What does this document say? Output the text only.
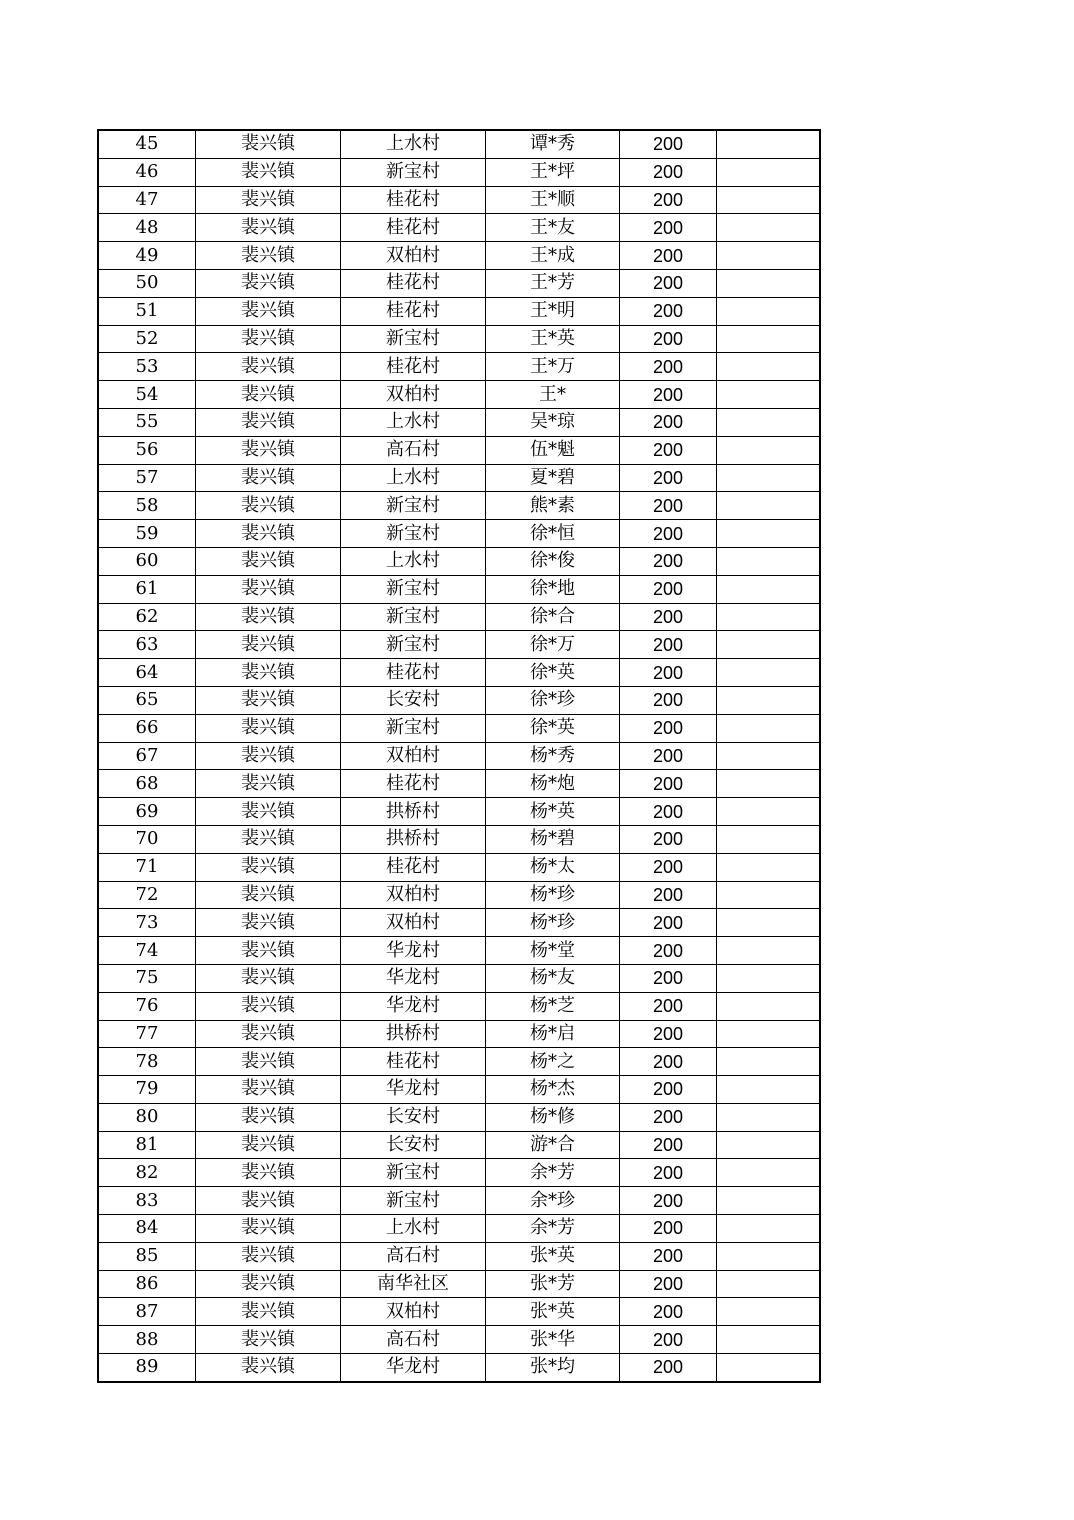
45	裴兴镇	上水村	谭*秀	200	
46	裴兴镇	新宝村	王*坪	200	
47	裴兴镇	桂花村	王*顺	200	
48	裴兴镇	桂花村	王*友	200	
49	裴兴镇	双柏村	王*成	200	
50	裴兴镇	桂花村	王*芳	200	
51	裴兴镇	桂花村	王*明	200	
52	裴兴镇	新宝村	王*英	200	
53	裴兴镇	桂花村	王*万	200	
54	裴兴镇	双柏村	王*	200	
55	裴兴镇	上水村	吴*琼	200	
56	裴兴镇	高石村	伍*魁	200	
57	裴兴镇	上水村	夏*碧	200	
58	裴兴镇	新宝村	熊*素	200	
59	裴兴镇	新宝村	徐*恒	200	
60	裴兴镇	上水村	徐*俊	200	
61	裴兴镇	新宝村	徐*地	200	
62	裴兴镇	新宝村	徐*合	200	
63	裴兴镇	新宝村	徐*万	200	
64	裴兴镇	桂花村	徐*英	200	
65	裴兴镇	长安村	徐*珍	200	
66	裴兴镇	新宝村	徐*英	200	
67	裴兴镇	双柏村	杨*秀	200	
68	裴兴镇	桂花村	杨*炮	200	
69	裴兴镇	拱桥村	杨*英	200	
70	裴兴镇	拱桥村	杨*碧	200	
71	裴兴镇	桂花村	杨*太	200	
72	裴兴镇	双柏村	杨*珍	200	
73	裴兴镇	双柏村	杨*珍	200	
74	裴兴镇	华龙村	杨*堂	200	
75	裴兴镇	华龙村	杨*友	200	
76	裴兴镇	华龙村	杨*芝	200	
77	裴兴镇	拱桥村	杨*启	200	
78	裴兴镇	桂花村	杨*之	200	
79	裴兴镇	华龙村	杨*杰	200	
80	裴兴镇	长安村	杨*修	200	
81	裴兴镇	长安村	游*合	200	
82	裴兴镇	新宝村	余*芳	200	
83	裴兴镇	新宝村	余*珍	200	
84	裴兴镇	上水村	余*芳	200	
85	裴兴镇	高石村	张*英	200	
86	裴兴镇	南华社区	张*芳	200	
87	裴兴镇	双柏村	张*英	200	
88	裴兴镇	高石村	张*华	200	
89	裴兴镇	华龙村	张*均	200	
